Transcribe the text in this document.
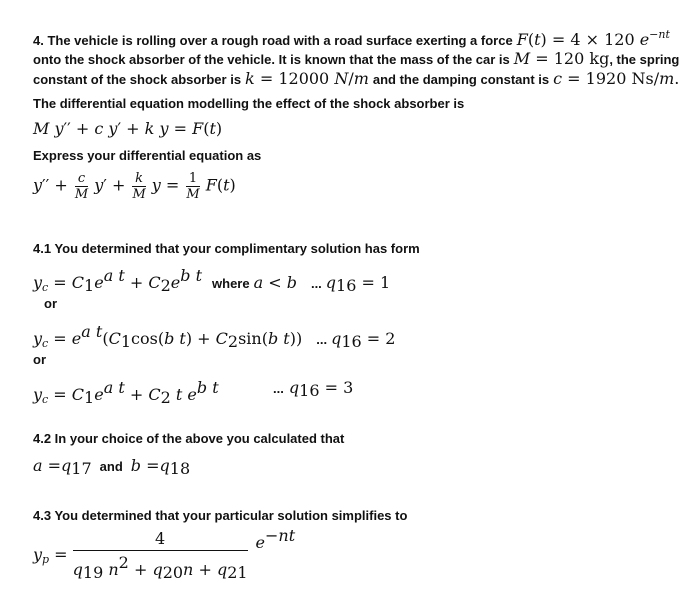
4. The vehicle is rolling over a rough road with a road surface exerting a force F(t) = 4 × 120 $e^{-nt}$
onto the shock absorber of the vehicle. It is known that the mass of the car is M = 120 kg, the spring
constant of the shock absorber is k = 12000 N/m and the damping constant is c = 1920 Ns/m.
The differential equation modelling the effect of the shock absorber is
M y′′ + c y′ + k y = F(t)
Express your differential equation as
$y'' + \frac{c}{M} y' + \frac{k}{M}$ $y = \frac{1}{M} F(t)$
4.1 You determined that your complimentary solution has form
$y_c = C_1e^{a t} + C_2e^{b t}$ where a < b ... $q_{16} = 1$
or
$y_c = e^{a t}(C_1\cos(b$ $t) + C_2\sin(b$ t)) ... $q_{16} = 2$
or
$y_c = C_1e^{a t} + C_2$ t $e^{b t}$	... $q_{16} = 3$
4.2 In your choice of the above you calculated that
$a =q_{17}$ and $b =q_{18}$
4.3 You determined that your particular solution simplifies to
$y_p = \frac{4}{q_{19} n^2 + q_{20}n + q_{21}} e^{-nt}$
